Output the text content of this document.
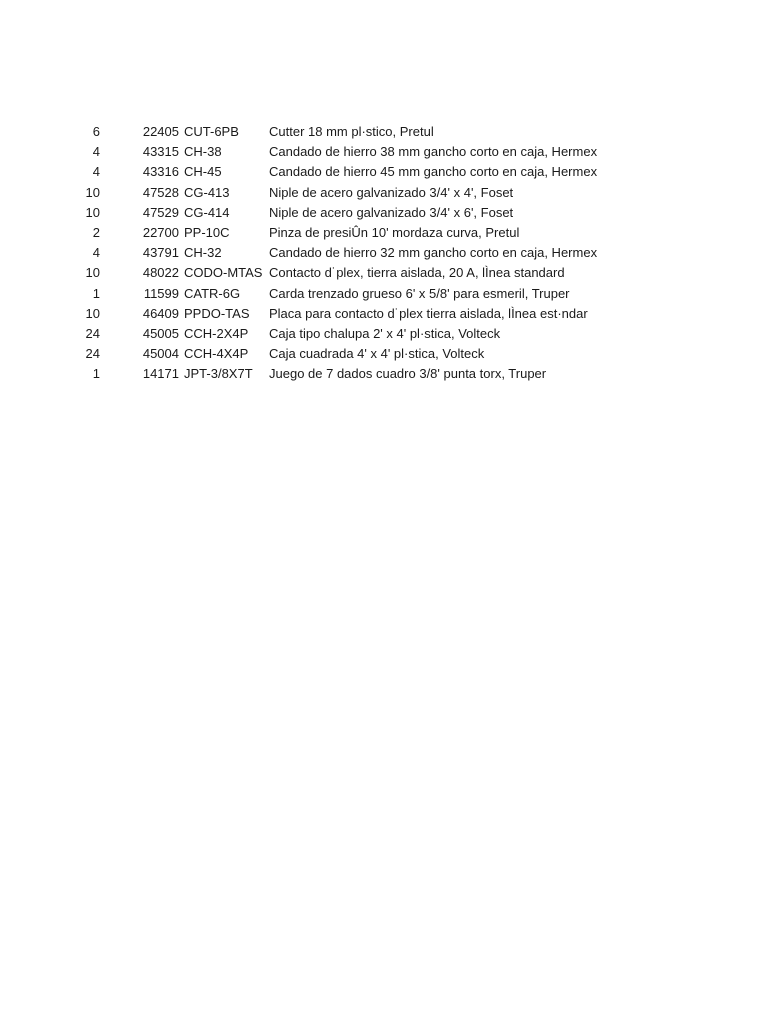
6	22405 CUT-6PB Cutter 18 mm pl·stico, Pretul
4	43315 CH-38	Candado de hierro 38 mm gancho corto en caja, Hermex
4	43316 CH-45	Candado de hierro 45 mm gancho corto en caja, Hermex
10	47528 CG-413	Niple de acero galvanizado 3/4' x 4', Foset
10	47529 CG-414	Niple de acero galvanizado 3/4' x 6', Foset
2	22700 PP-10C	Pinza de presiÛn 10' mordaza curva, Pretul
4	43791 CH-32	Candado de hierro 32 mm gancho corto en caja, Hermex
10	48022 CODO-MTAS Contacto d˙plex, tierra aislada, 20 A, lÌnea standard
1	11599 CATR-6G Carda trenzado grueso 6' x 5/8' para esmeril, Truper
10	46409 PPDO-TAS Placa para contacto d˙plex tierra aislada, lÌnea est·ndar
24	45005 CCH-2X4P Caja tipo chalupa 2' x 4' pl·stica, Volteck
24	45004 CCH-4X4P Caja cuadrada 4' x 4' pl·stica, Volteck
1	14171 JPT-3/8X7T Juego de 7 dados cuadro 3/8' punta torx, Truper
